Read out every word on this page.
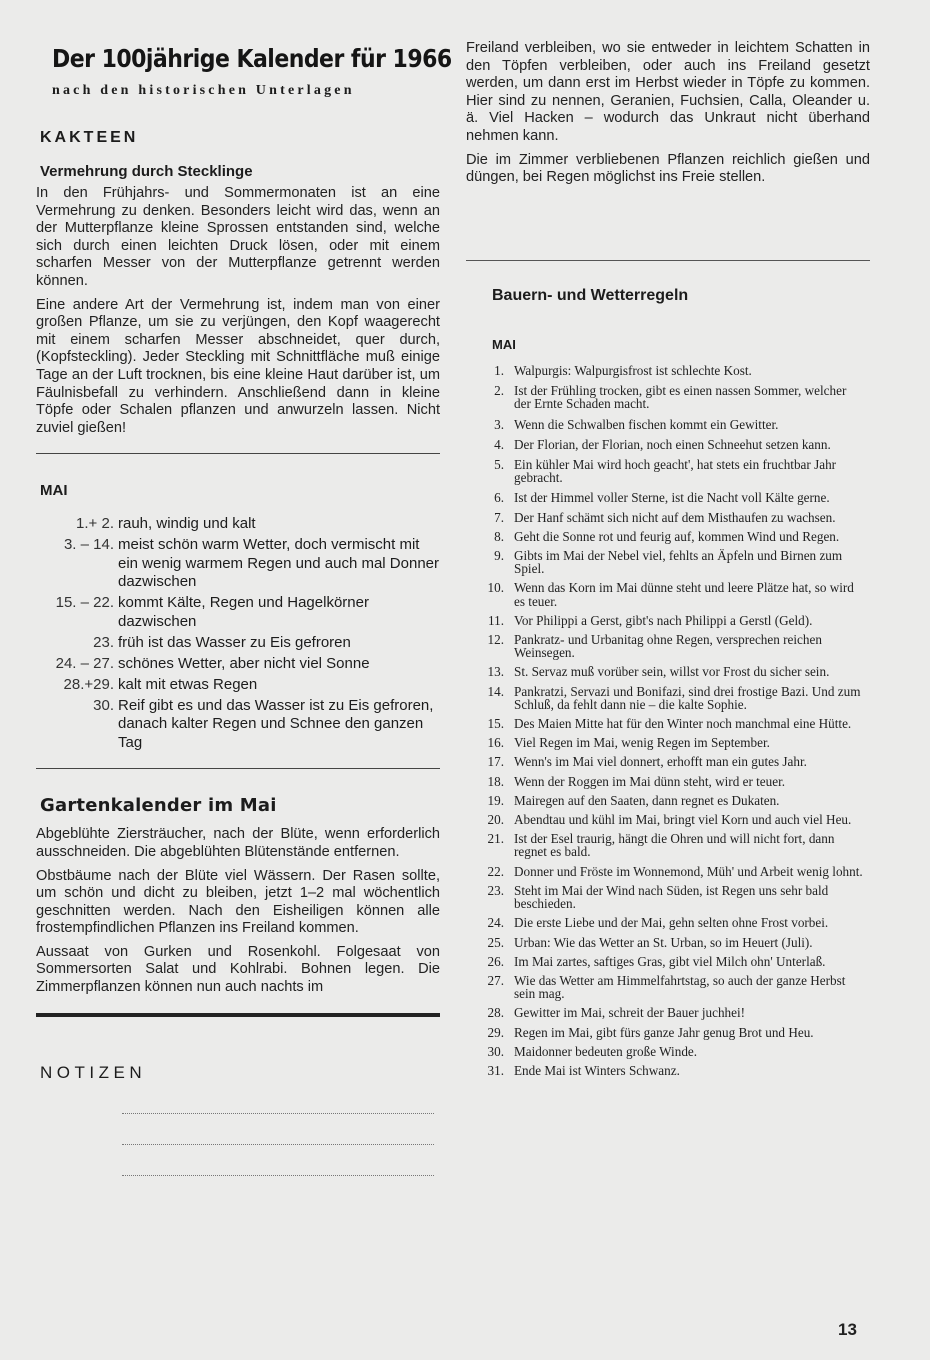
Der 100jährige Kalender für 1966
nach den historischen Unterlagen
KAKTEEN
Vermehrung durch Stecklinge

In den Frühjahrs- und Sommermonaten ist an eine Vermehrung zu denken. Besonders leicht wird das, wenn an der Mutterpflanze kleine Sprossen entstanden sind, welche sich durch einen leichten Druck lösen, oder mit einem scharfen Messer von der Mutterpflanze getrennt werden können.

Eine andere Art der Vermehrung ist, indem man von einer großen Pflanze, um sie zu verjüngen, den Kopf waagerecht mit einem scharfen Messer abschneidet, quer durch, (Kopfsteckling). Jeder Steckling mit Schnittfläche muß einige Tage an der Luft trocknen, bis eine kleine Haut darüber ist, um Fäulnisbefall zu verhindern. Anschließend dann in kleine Töpfe oder Schalen pflanzen und anwurzeln lassen. Nicht zuviel gießen!

MAI
1.+ 2. rauh, windig und kalt
3. – 14. meist schön warm Wetter, doch vermischt mit ein wenig warmem Regen und auch mal Donner dazwischen
15. – 22. kommt Kälte, Regen und Hagelkörner dazwischen
23. früh ist das Wasser zu Eis gefroren
24. – 27. schönes Wetter, aber nicht viel Sonne
28.+29. kalt mit etwas Regen
30. Reif gibt es und das Wasser ist zu Eis gefroren, danach kalter Regen und Schnee den ganzen Tag
Gartenkalender im Mai

Abgeblühte Ziersträucher, nach der Blüte, wenn erforderlich ausschneiden. Die abgeblühten Blütenstände entfernen.

Obstbäume nach der Blüte viel Wässern. Der Rasen sollte, um schön und dicht zu bleiben, jetzt 1–2 mal wöchentlich geschnitten werden. Nach den Eisheiligen können alle frostempfindlichen Pflanzen ins Freiland kommen.

Aussaat von Gurken und Rosenkohl. Folgesaat von Sommersorten Salat und Kohlrabi. Bohnen legen. Die Zimmerpflanzen können nun auch nachts im

NOTIZEN

Freiland verbleiben, wo sie entweder in leichtem Schatten in den Töpfen verbleiben, oder auch ins Freiland gesetzt werden, um dann erst im Herbst wieder in Töpfe zu kommen. Hier sind zu nennen, Geranien, Fuchsien, Calla, Oleander u. ä. Viel Hacken – wodurch das Unkraut nicht überhand nehmen kann.

Die im Zimmer verbliebenen Pflanzen reichlich gießen und düngen, bei Regen möglichst ins Freie stellen.

Bauern- und Wetterregeln
MAI
1. Walpurgis: Walpurgisfrost ist schlechte Kost.
2. Ist der Frühling trocken, gibt es einen nassen Sommer, welcher der Ernte Schaden macht.
3. Wenn die Schwalben fischen kommt ein Gewitter.
4. Der Florian, der Florian, noch einen Schneehut setzen kann.
5. Ein kühler Mai wird hoch geacht', hat stets ein fruchtbar Jahr gebracht.
6. Ist der Himmel voller Sterne, ist die Nacht voll Kälte gerne.
7. Der Hanf schämt sich nicht auf dem Misthaufen zu wachsen.
8. Geht die Sonne rot und feurig auf, kommen Wind und Regen.
9. Gibts im Mai der Nebel viel, fehlts an Äpfeln und Birnen zum Spiel.
10. Wenn das Korn im Mai dünne steht und leere Plätze hat, so wird es teuer.
11. Vor Philippi a Gerst, gibt's nach Philippi a Gerstl (Geld).
12. Pankratz- und Urbanitag ohne Regen, versprechen reichen Weinsegen.
13. St. Servaz muß vorüber sein, willst vor Frost du sicher sein.
14. Pankratzi, Servazi und Bonifazi, sind drei frostige Bazi. Und zum Schluß, da fehlt dann nie – die kalte Sophie.
15. Des Maien Mitte hat für den Winter noch manchmal eine Hütte.
16. Viel Regen im Mai, wenig Regen im September.
17. Wenn's im Mai viel donnert, erhofft man ein gutes Jahr.
18. Wenn der Roggen im Mai dünn steht, wird er teuer.
19. Mairegen auf den Saaten, dann regnet es Dukaten.
20. Abendtau und kühl im Mai, bringt viel Korn und auch viel Heu.
21. Ist der Esel traurig, hängt die Ohren und will nicht fort, dann regnet es bald.
22. Donner und Fröste im Wonnemond, Müh' und Arbeit wenig lohnt.
23. Steht im Mai der Wind nach Süden, ist Regen uns sehr bald beschieden.
24. Die erste Liebe und der Mai, gehn selten ohne Frost vorbei.
25. Urban: Wie das Wetter an St. Urban, so im Heuert (Juli).
26. Im Mai zartes, saftiges Gras, gibt viel Milch ohn' Unterlaß.
27. Wie das Wetter am Himmelfahrtstag, so auch der ganze Herbst sein mag.
28. Gewitter im Mai, schreit der Bauer juchhei!
29. Regen im Mai, gibt fürs ganze Jahr genug Brot und Heu.
30. Maidonner bedeuten große Winde.
31. Ende Mai ist Winters Schwanz.
13
